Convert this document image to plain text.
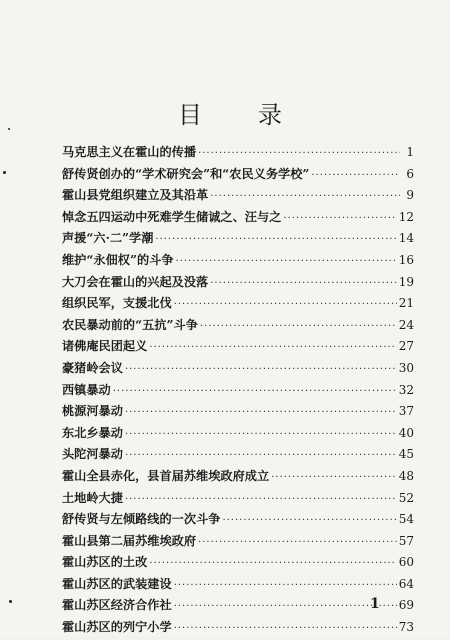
目 录
马克思主义在霍山的传播 ·····	1
舒传贤创办的“学术研究会”和“农民义务学校” ·····	6
霍山县党组织建立及其沿革 ·····	9
悼念五四运动中死难学生储诚之、汪与之 ·····	12
声援“六·二”学潮 ·····	14
维护“永佃权”的斗争 ·····	16
大刀会在霍山的兴起及没落 ·····	19
组织民军，支援北伐 ·····	21
农民暴动前的“五抗”斗争 ·····	24
诸佛庵民团起义 ·····	27
豪猪岭会议 ·····	30
西镇暴动 ·····	32
桃源河暴动 ·····	37
东北乡暴动 ·····	40
头陀河暴动 ·····	45
霍山全县赤化，县首届苏维埃政府成立 ·····	48
土地岭大捷 ·····	52
舒传贤与左倾路线的一次斗争 ·····	54
霍山县第二届苏维埃政府 ·····	57
霍山苏区的土改 ·····	60
霍山苏区的武装建设 ·····	64
霍山苏区经济合作社 ·····	69
霍山苏区的列宁小学 ·····	73
1
